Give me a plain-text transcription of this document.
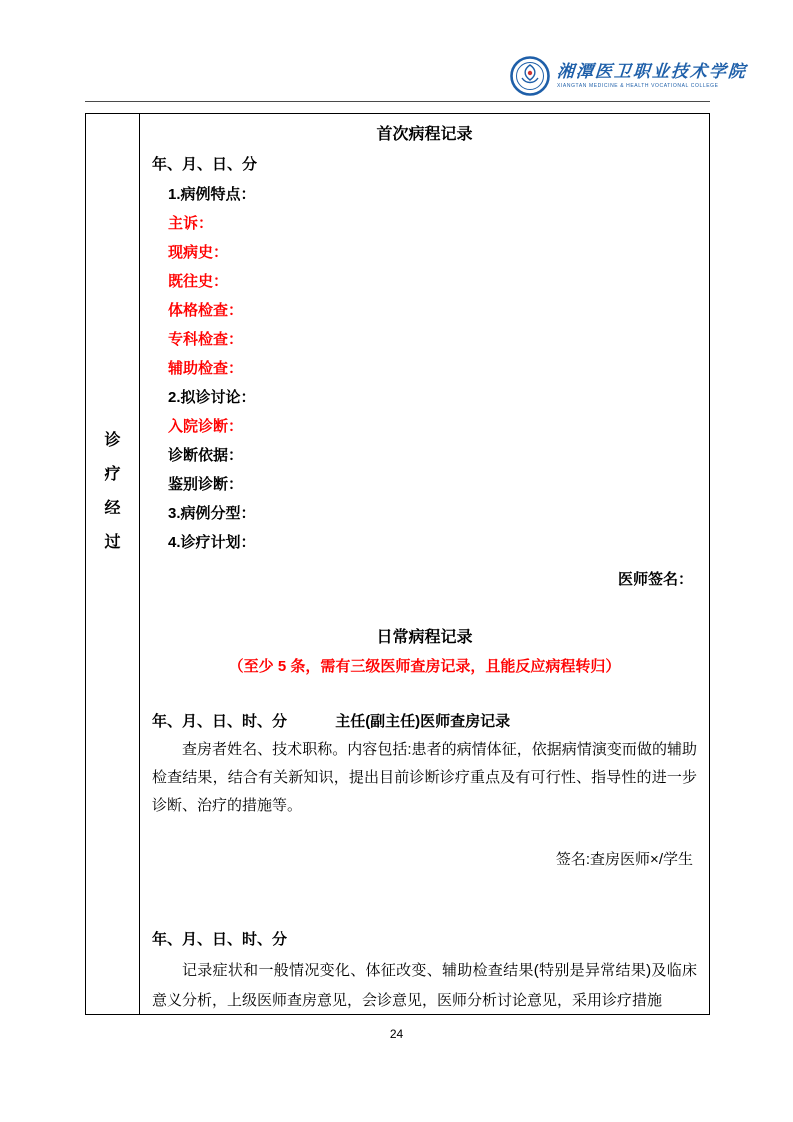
湘潭医卫职业技术学院
XIANGTAN MEDICINE & HEALTH VOCATIONAL COLLEGE
诊
疗
经
过
首次病程记录
年、月、日、分
1.病例特点：
主诉：
现病史：
既往史：
体格检查：
专科检查：
辅助检查：
2.拟诊讨论：
入院诊断：
诊断依据：
鉴别诊断：
3.病例分型：
4.诊疗计划：
医师签名：
日常病程记录
（至少 5 条，需有三级医师查房记录，且能反应病程转归）
年、月、日、时、分	主任(副主任)医师查房记录
查房者姓名、技术职称。内容包括:患者的病情体征，依据病情演变而做的辅助检查结果，结合有关新知识，提出目前诊断诊疗重点及有可行性、指导性的进一步诊断、治疗的措施等。
签名:查房医师×/学生
年、月、日、时、分
记录症状和一般情况变化、体征改变、辅助检查结果(特别是异常结果)及临床意义分析，上级医师查房意见，会诊意见，医师分析讨论意见，采用诊疗措施
24
